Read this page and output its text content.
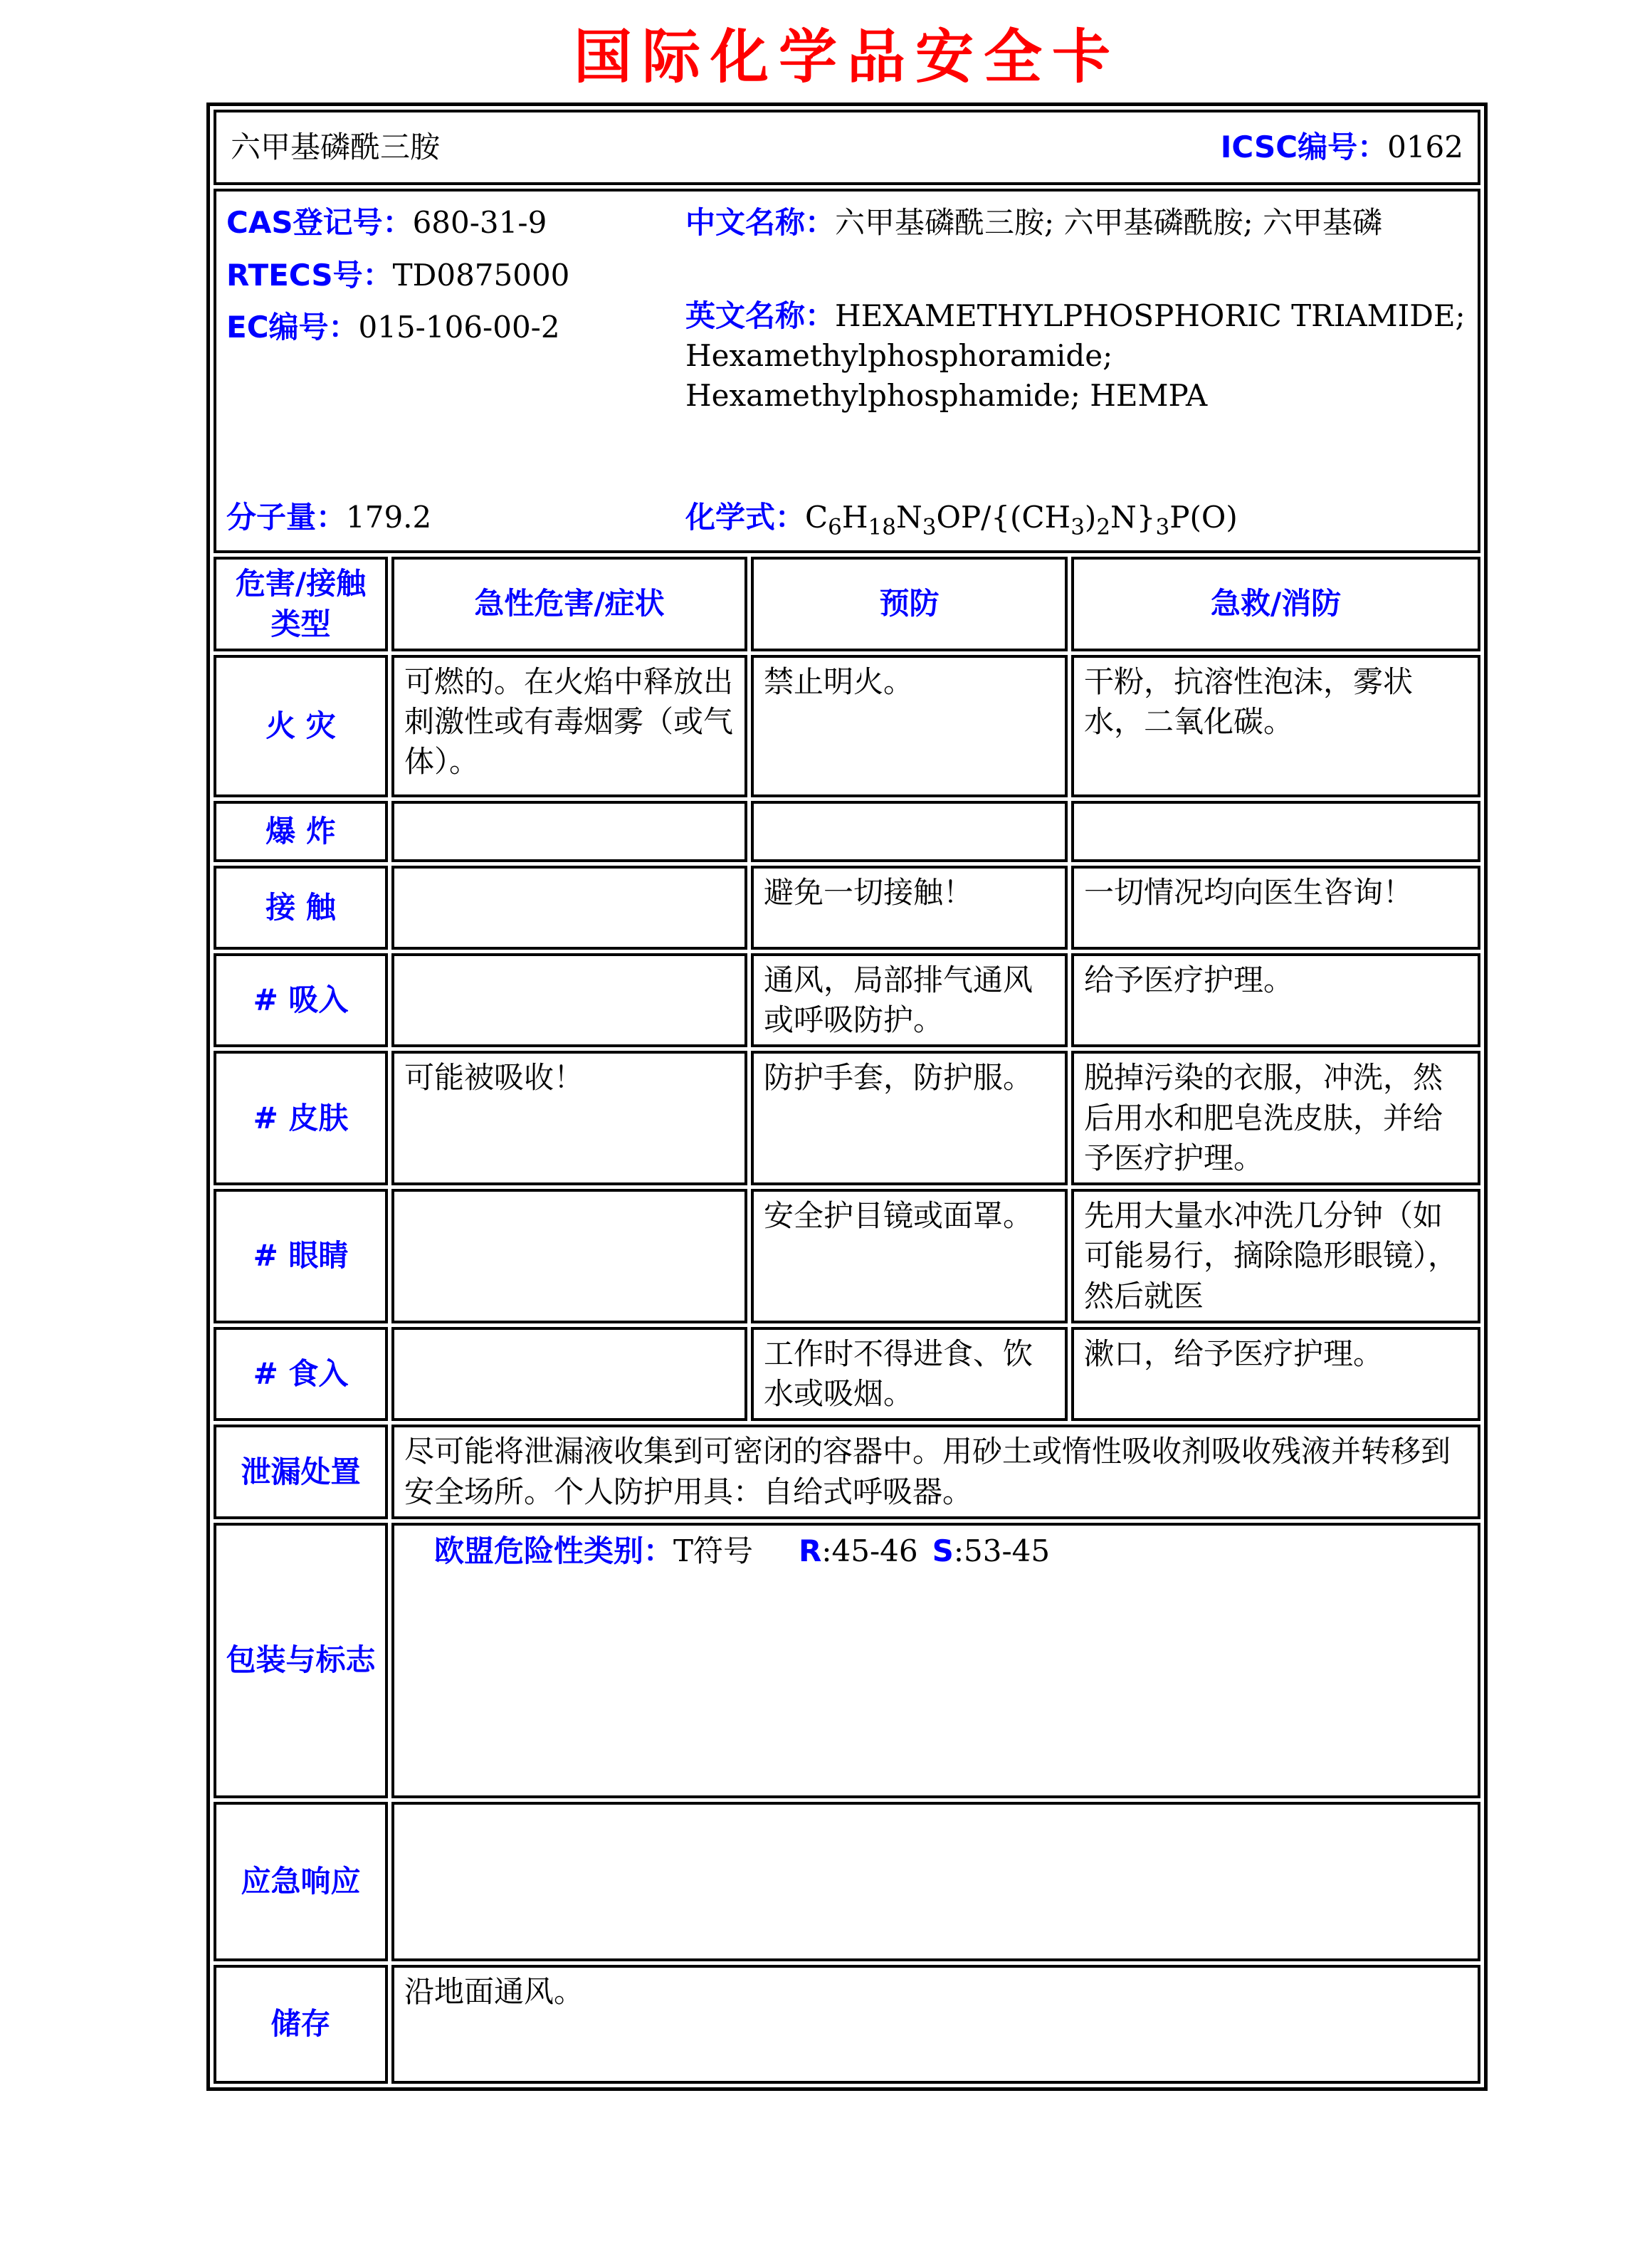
国际化学品安全卡
六甲基磷酰三胺 ICSC编号：0162			

CAS登记号：680-31-9
RTECS号：TD0875000
EC编号：015-106-00-2
中文名称：六甲基磷酰三胺; 六甲基磷酰胺; 六甲基磷
英文名称：HEXAMETHYLPHOSPHORIC TRIAMIDE;
Hexamethylphosphoramide;
Hexamethylphosphamide; HEMPA
分子量：179.2	化学式：$C_6H_{18}N_3OP/\{(CH_3)_2N\}_3P(O)$

危害/接触类型	急性危害/症状	预防	急救/消防
火 灾	可燃的。在火焰中释放出刺激性或有毒烟雾（或气体）。	禁止明火。	干粉，抗溶性泡沫，雾状水，二氧化碳。
爆 炸			
接 触		避免一切接触！	一切情况均向医生咨询！
# 吸入		通风，局部排气通风或呼吸防护。	给予医疗护理。
# 皮肤	可能被吸收！	防护手套，防护服。	脱掉污染的衣服，冲洗，然后用水和肥皂洗皮肤，并给予医疗护理。
# 眼睛		安全护目镜或面罩。	先用大量水冲洗几分钟（如可能易行，摘除隐形眼镜），然后就医
# 食入		工作时不得进食、饮水或吸烟。	漱口，给予医疗护理。
泄漏处置	尽可能将泄漏液收集到可密闭的容器中。用砂土或惰性吸收剂吸收残液并转移到安全场所。个人防护用具：自给式呼吸器。		
包装与标志	欧盟危险性类别：T符号 R:45-46 S:53-45		

应急响应			
储存	沿地面通风。		
